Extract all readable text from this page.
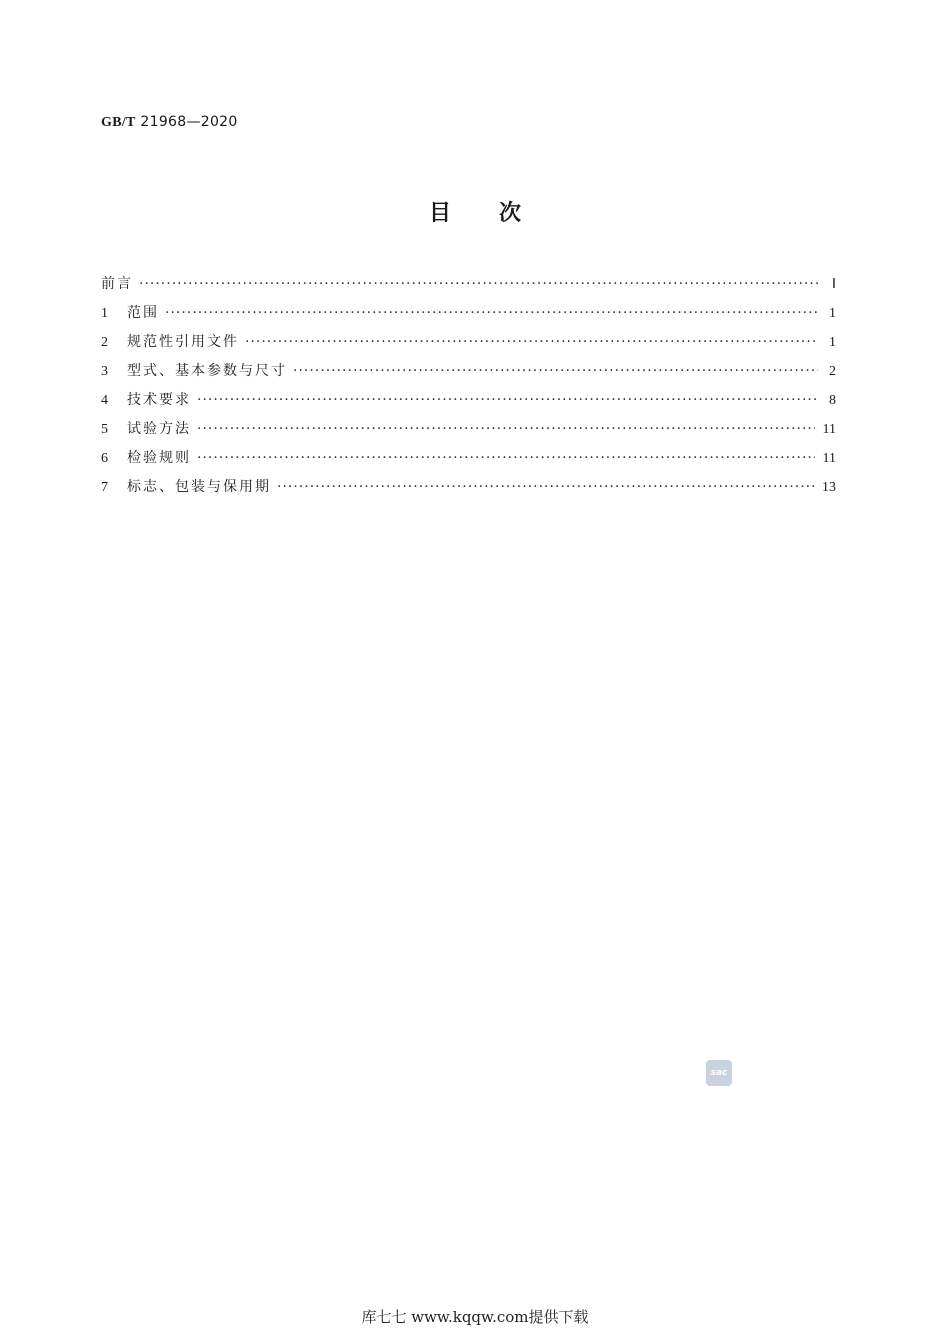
GB/T 21968—2020
目 次
前言 ·····	Ⅰ
1	范围 ·····	1
2	规范性引用文件 ·····	1
3	型式、基本参数与尺寸 ·····	2
4	技术要求 ·····	8
5	试验方法 ·····	11
6	检验规则 ·····	11
7	标志、包装与保用期 ·····	13
sac
库七七 www.kqqw.com提供下载
